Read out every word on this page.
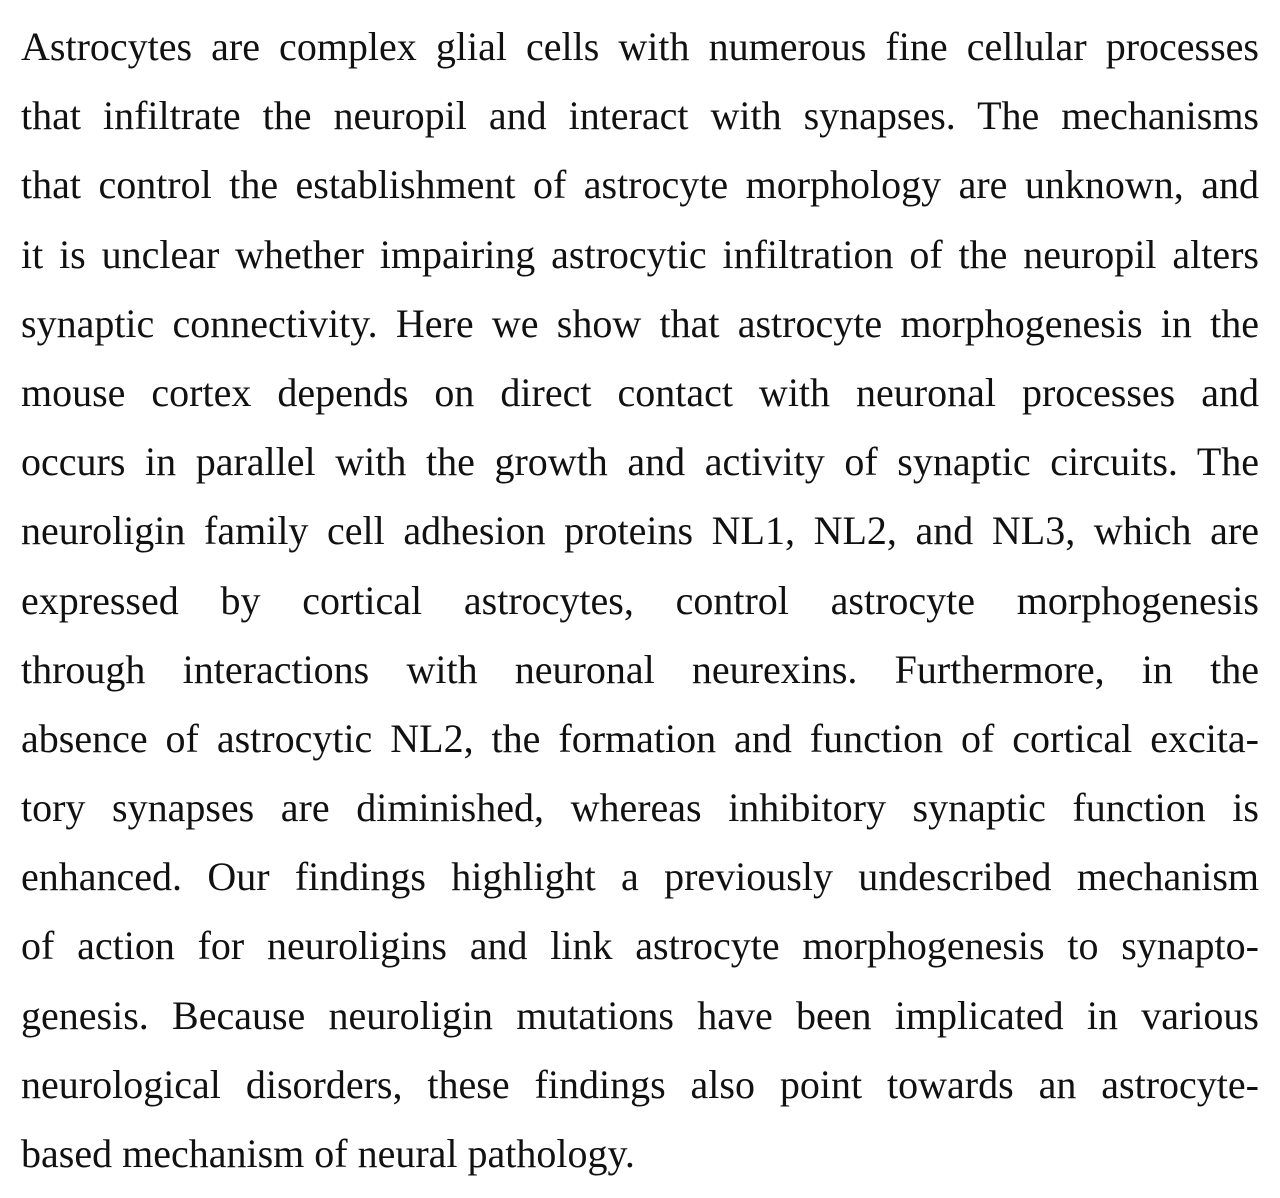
Astrocytes are complex glial cells with numerous fine cellular processes
that infiltrate the neuropil and interact with synapses. The mechanisms
that control the establishment of astrocyte morphology are unknown, and
it is unclear whether impairing astrocytic infiltration of the neuropil alters
synaptic connectivity. Here we show that astrocyte morphogenesis in the
mouse cortex depends on direct contact with neuronal processes and
occurs in parallel with the growth and activity of synaptic circuits. The
neuroligin family cell adhesion proteins NL1, NL2, and NL3, which are
expressed by cortical astrocytes, control astrocyte morphogenesis
through interactions with neuronal neurexins. Furthermore, in the
absence of astrocytic NL2, the formation and function of cortical excita-
tory synapses are diminished, whereas inhibitory synaptic function is
enhanced. Our findings highlight a previously undescribed mechanism
of action for neuroligins and link astrocyte morphogenesis to synapto-
genesis. Because neuroligin mutations have been implicated in various
neurological disorders, these findings also point towards an astrocyte-
based mechanism of neural pathology.
